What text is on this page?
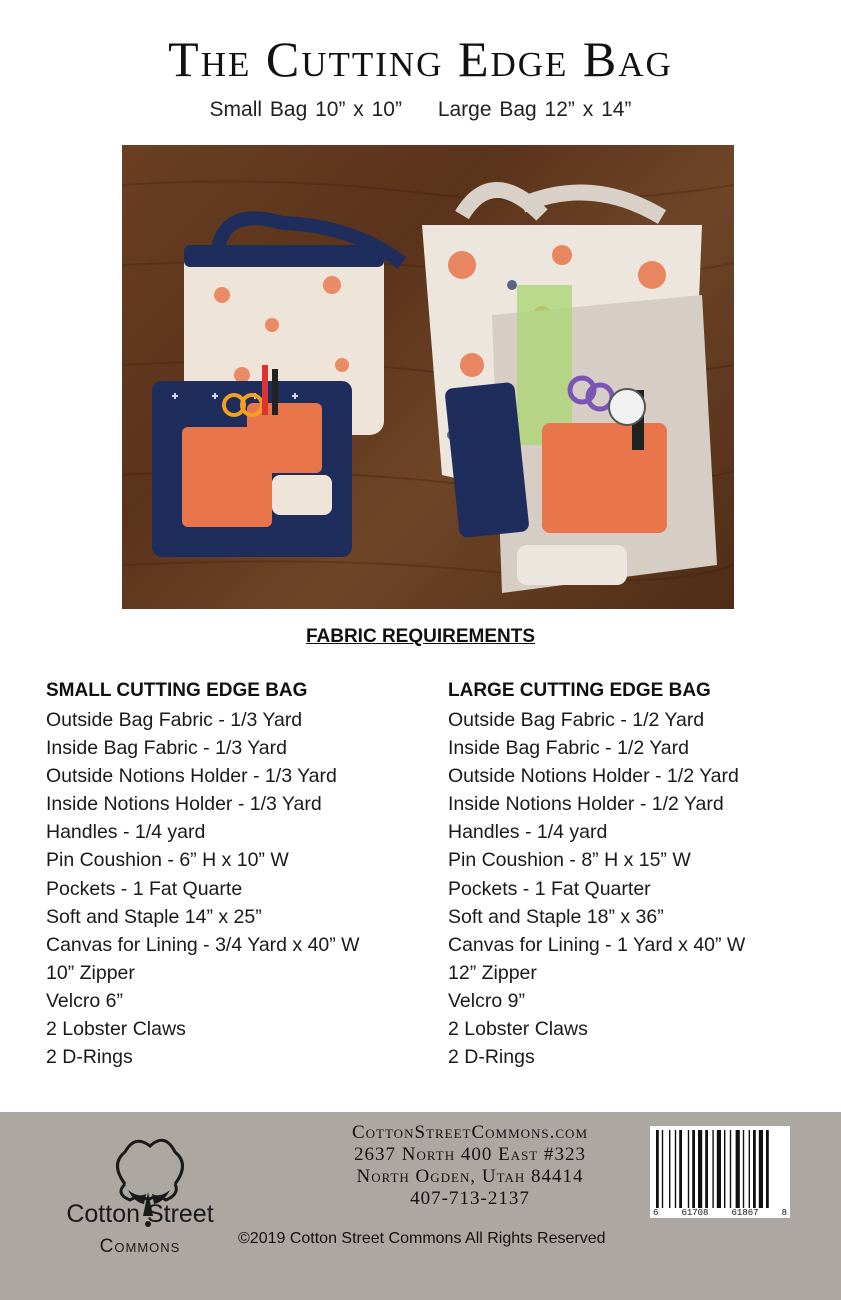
The Cutting Edge Bag
Small Bag 10” x 10” Large Bag 12” x 14”
FABRIC REQUIREMENTS
SMALL CUTTING EDGE BAG
Outside Bag Fabric - 1/3 Yard
Inside Bag Fabric - 1/3 Yard
Outside Notions Holder - 1/3 Yard
Inside Notions Holder - 1/3 Yard
Handles - 1/4 yard
Pin Coushion - 6” H x 10” W
Pockets - 1 Fat Quarte
Soft and Staple 14” x 25”
Canvas for Lining - 3/4 Yard x 40” W
10” Zipper
Velcro 6”
2 Lobster Claws
2 D-Rings
LARGE CUTTING EDGE BAG
Outside Bag Fabric - 1/2 Yard
Inside Bag Fabric - 1/2 Yard
Outside Notions Holder - 1/2 Yard
Inside Notions Holder - 1/2 Yard
Handles - 1/4 yard
Pin Coushion - 8” H x 15” W
Pockets - 1 Fat Quarter
Soft and Staple 18” x 36”
Canvas for Lining - 1 Yard x 40” W
12” Zipper
Velcro 9”
2 Lobster Claws
2 D-Rings
Cotton Street
Commons
CottonStreetCommons.com
2637 North 400 East #323
North Ogden, Utah 84414
407-713-2137
©2019 Cotton Street Commons All Rights Reserved
6	61708	61867	8
